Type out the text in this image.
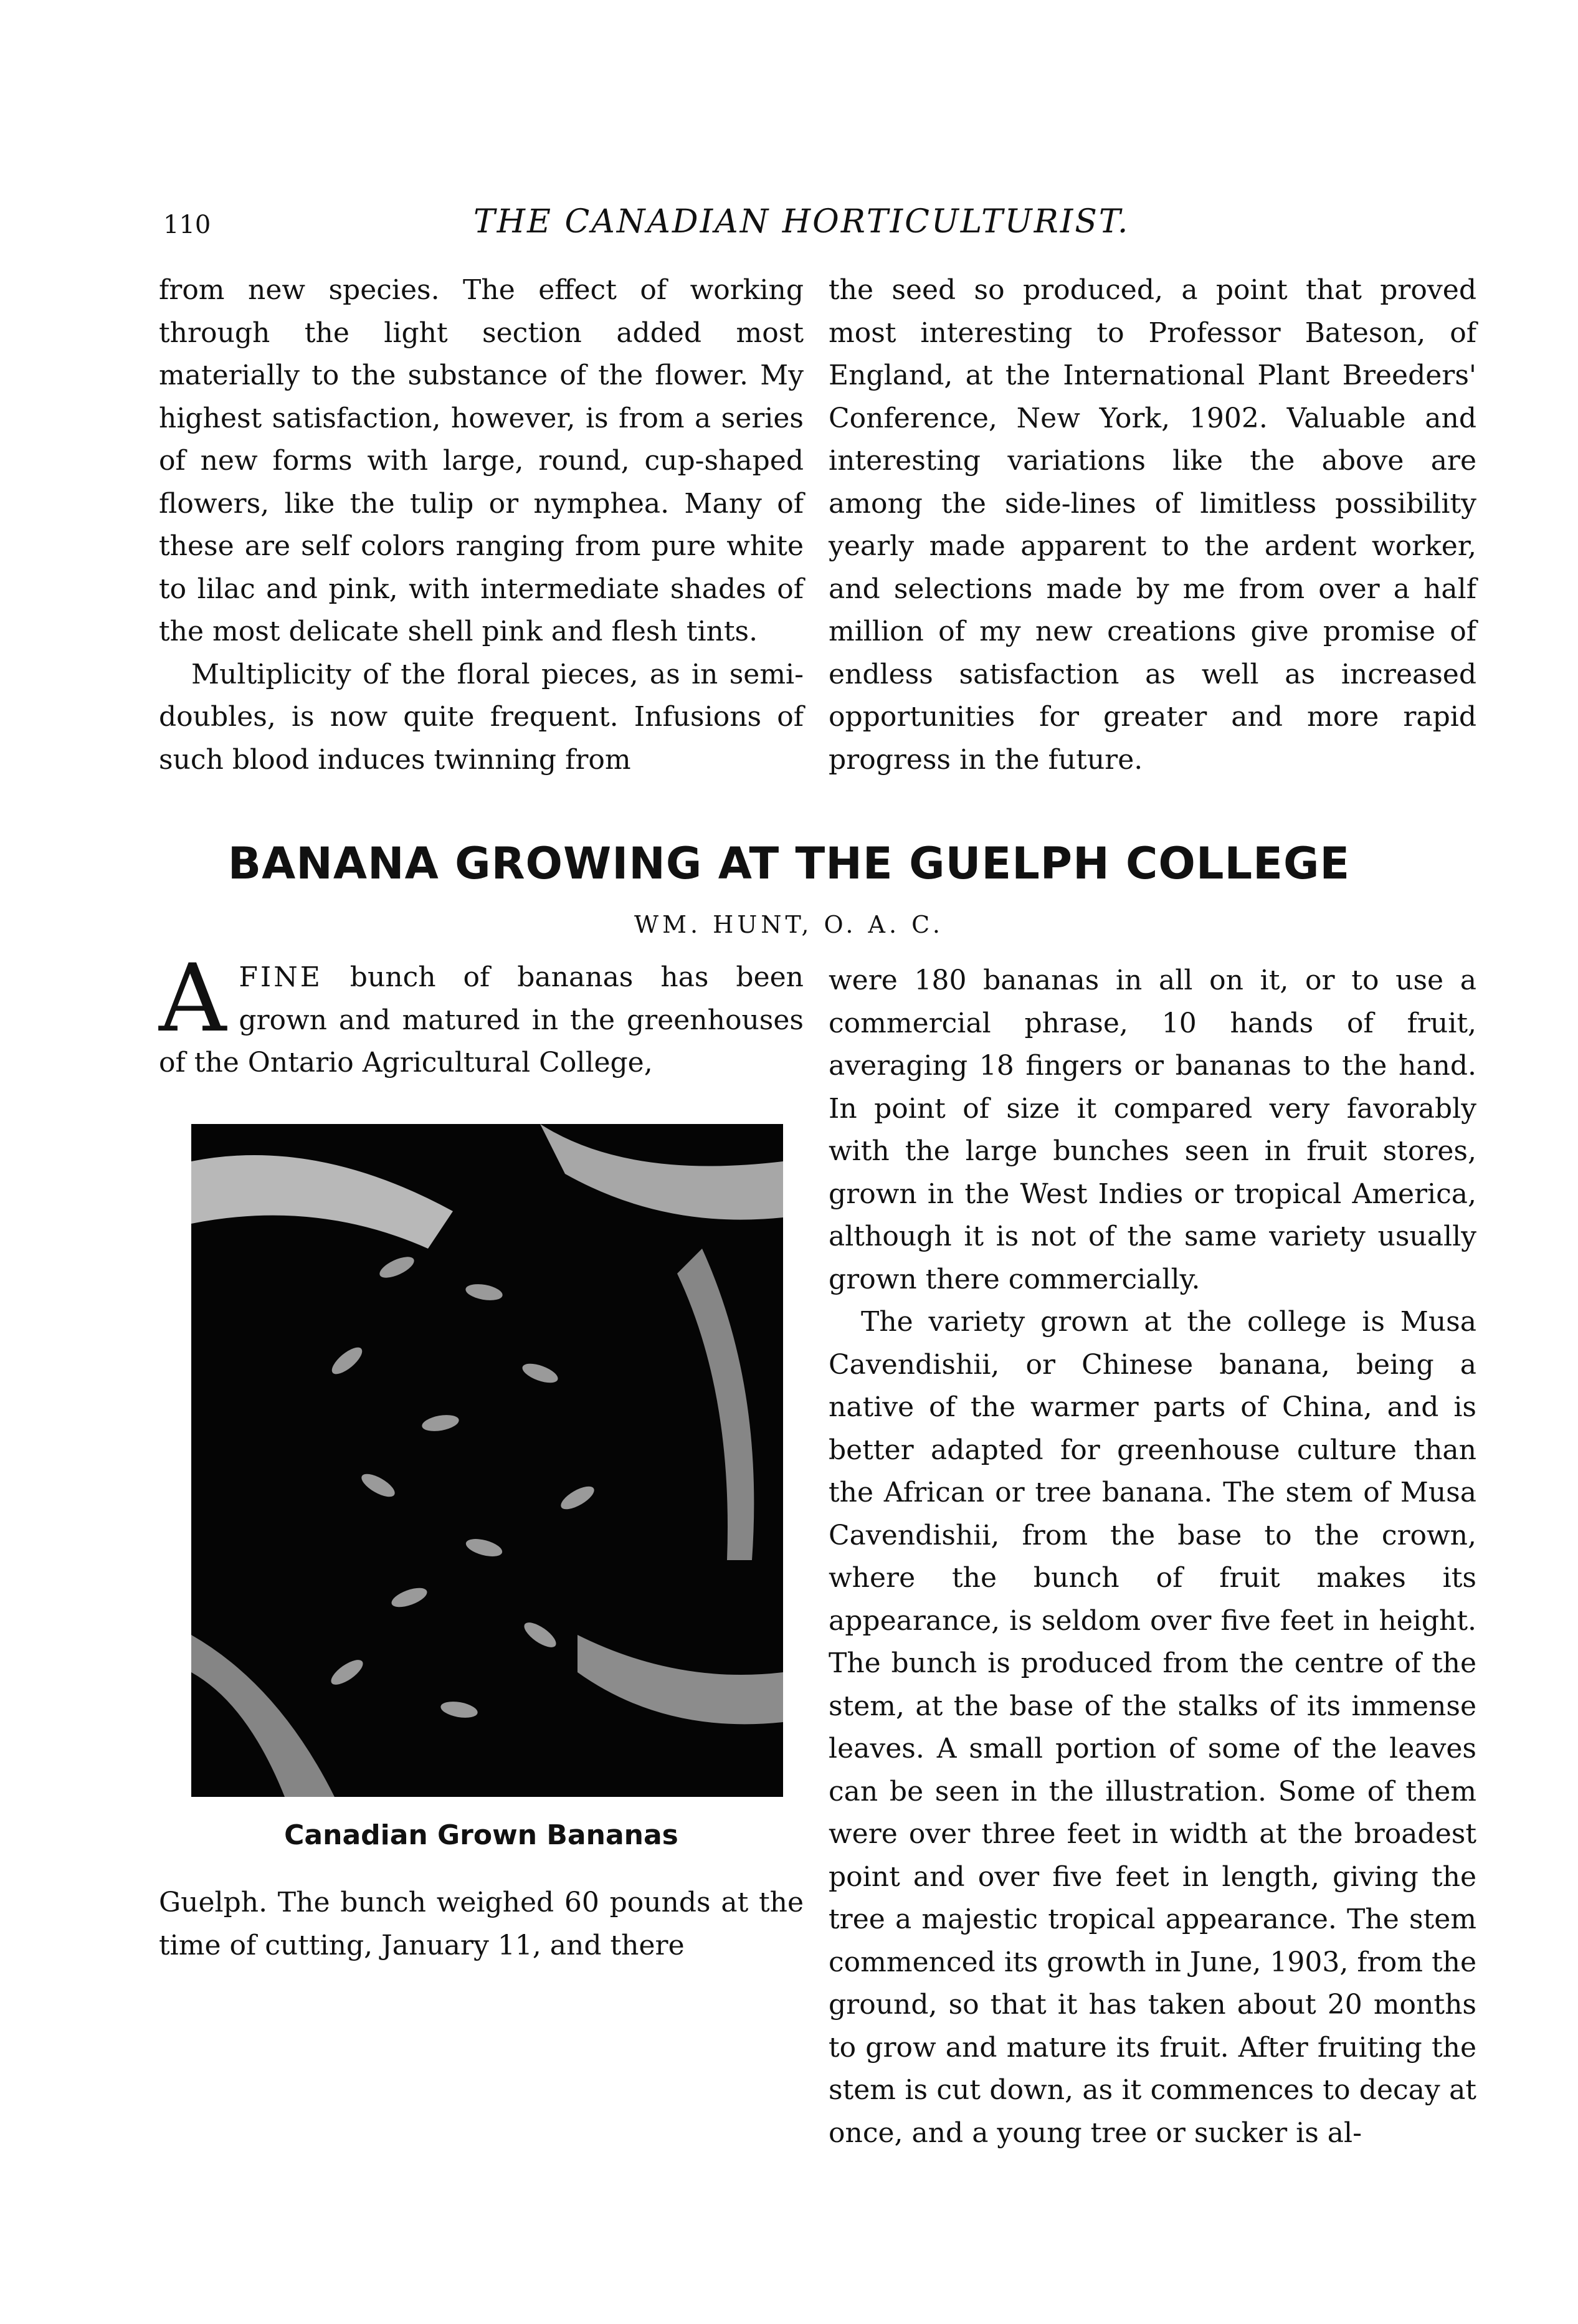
110	THE CANADIAN HORTICULTURIST.

from new species. The effect of working through the light section added most materially to the substance of the flower. My highest satisfaction, however, is from a series of new forms with large, round, cup-shaped flowers, like the tulip or nymphea. Many of these are self colors ranging from pure white to lilac and pink, with intermediate shades of the most delicate shell pink and flesh tints.

Multiplicity of the floral pieces, as in semi-doubles, is now quite frequent. Infusions of such blood induces twinning from

the seed so produced, a point that proved most interesting to Professor Bateson, of England, at the International Plant Breeders' Conference, New York, 1902. Valuable and interesting variations like the above are among the side-lines of limitless possibility yearly made apparent to the ardent worker, and selections made by me from over a half million of my new creations give promise of endless satisfaction as well as increased opportunities for greater and more rapid progress in the future.

BANANA GROWING AT THE GUELPH COLLEGE
WM. HUNT, O. A. C.

A FINE bunch of bananas has been grown and matured in the greenhouses of the Ontario Agricultural College,

Canadian Grown Bananas

Guelph. The bunch weighed 60 pounds at the time of cutting, January 11, and there

were 180 bananas in all on it, or to use a commercial phrase, 10 hands of fruit, averaging 18 fingers or bananas to the hand. In point of size it compared very favorably with the large bunches seen in fruit stores, grown in the West Indies or tropical America, although it is not of the same variety usually grown there commercially.

The variety grown at the college is Musa Cavendishii, or Chinese banana, being a native of the warmer parts of China, and is better adapted for greenhouse culture than the African or tree banana. The stem of Musa Cavendishii, from the base to the crown, where the bunch of fruit makes its appearance, is seldom over five feet in height. The bunch is produced from the centre of the stem, at the base of the stalks of its immense leaves. A small portion of some of the leaves can be seen in the illustration. Some of them were over three feet in width at the broadest point and over five feet in length, giving the tree a majestic tropical appearance. The stem commenced its growth in June, 1903, from the ground, so that it has taken about 20 months to grow and mature its fruit. After fruiting the stem is cut down, as it commences to decay at once, and a young tree or sucker is al-
